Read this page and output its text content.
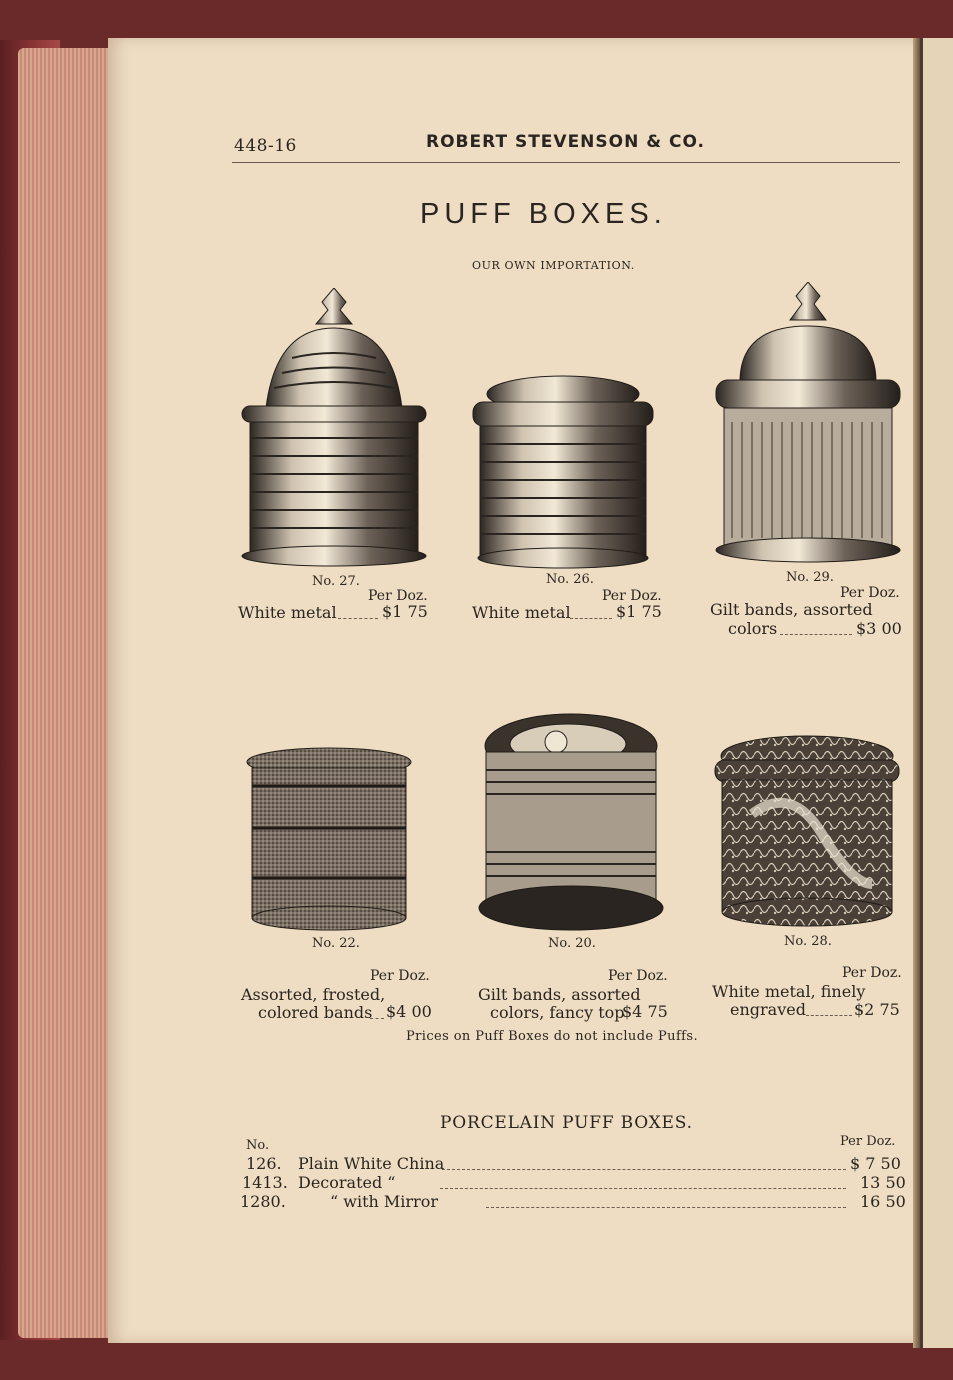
448-16	ROBERT STEVENSON & CO.
PUFF BOXES.
OUR OWN IMPORTATION.
No. 27.
Per Doz.
White metal	$1 75
No. 26.
Per Doz.
White metal	$1 75
No. 29.
Per Doz.
Gilt bands, assorted
colors	$3 00
No. 22.
Per Doz.
Assorted, frosted,
colored bands $4 00
No. 20.
Per Doz.
Gilt bands, assorted
colors, fancy top
$4 75
No. 28.
Per Doz.
White metal, finely
engraved	$2 75
Prices on Puff Boxes do not include Puffs.
PORCELAIN PUFF BOXES.
No.	Per Doz.
126. Plain White China	$ 7 50
1413. Decorated “	13 50
1280.	“ with Mirror	16 50
